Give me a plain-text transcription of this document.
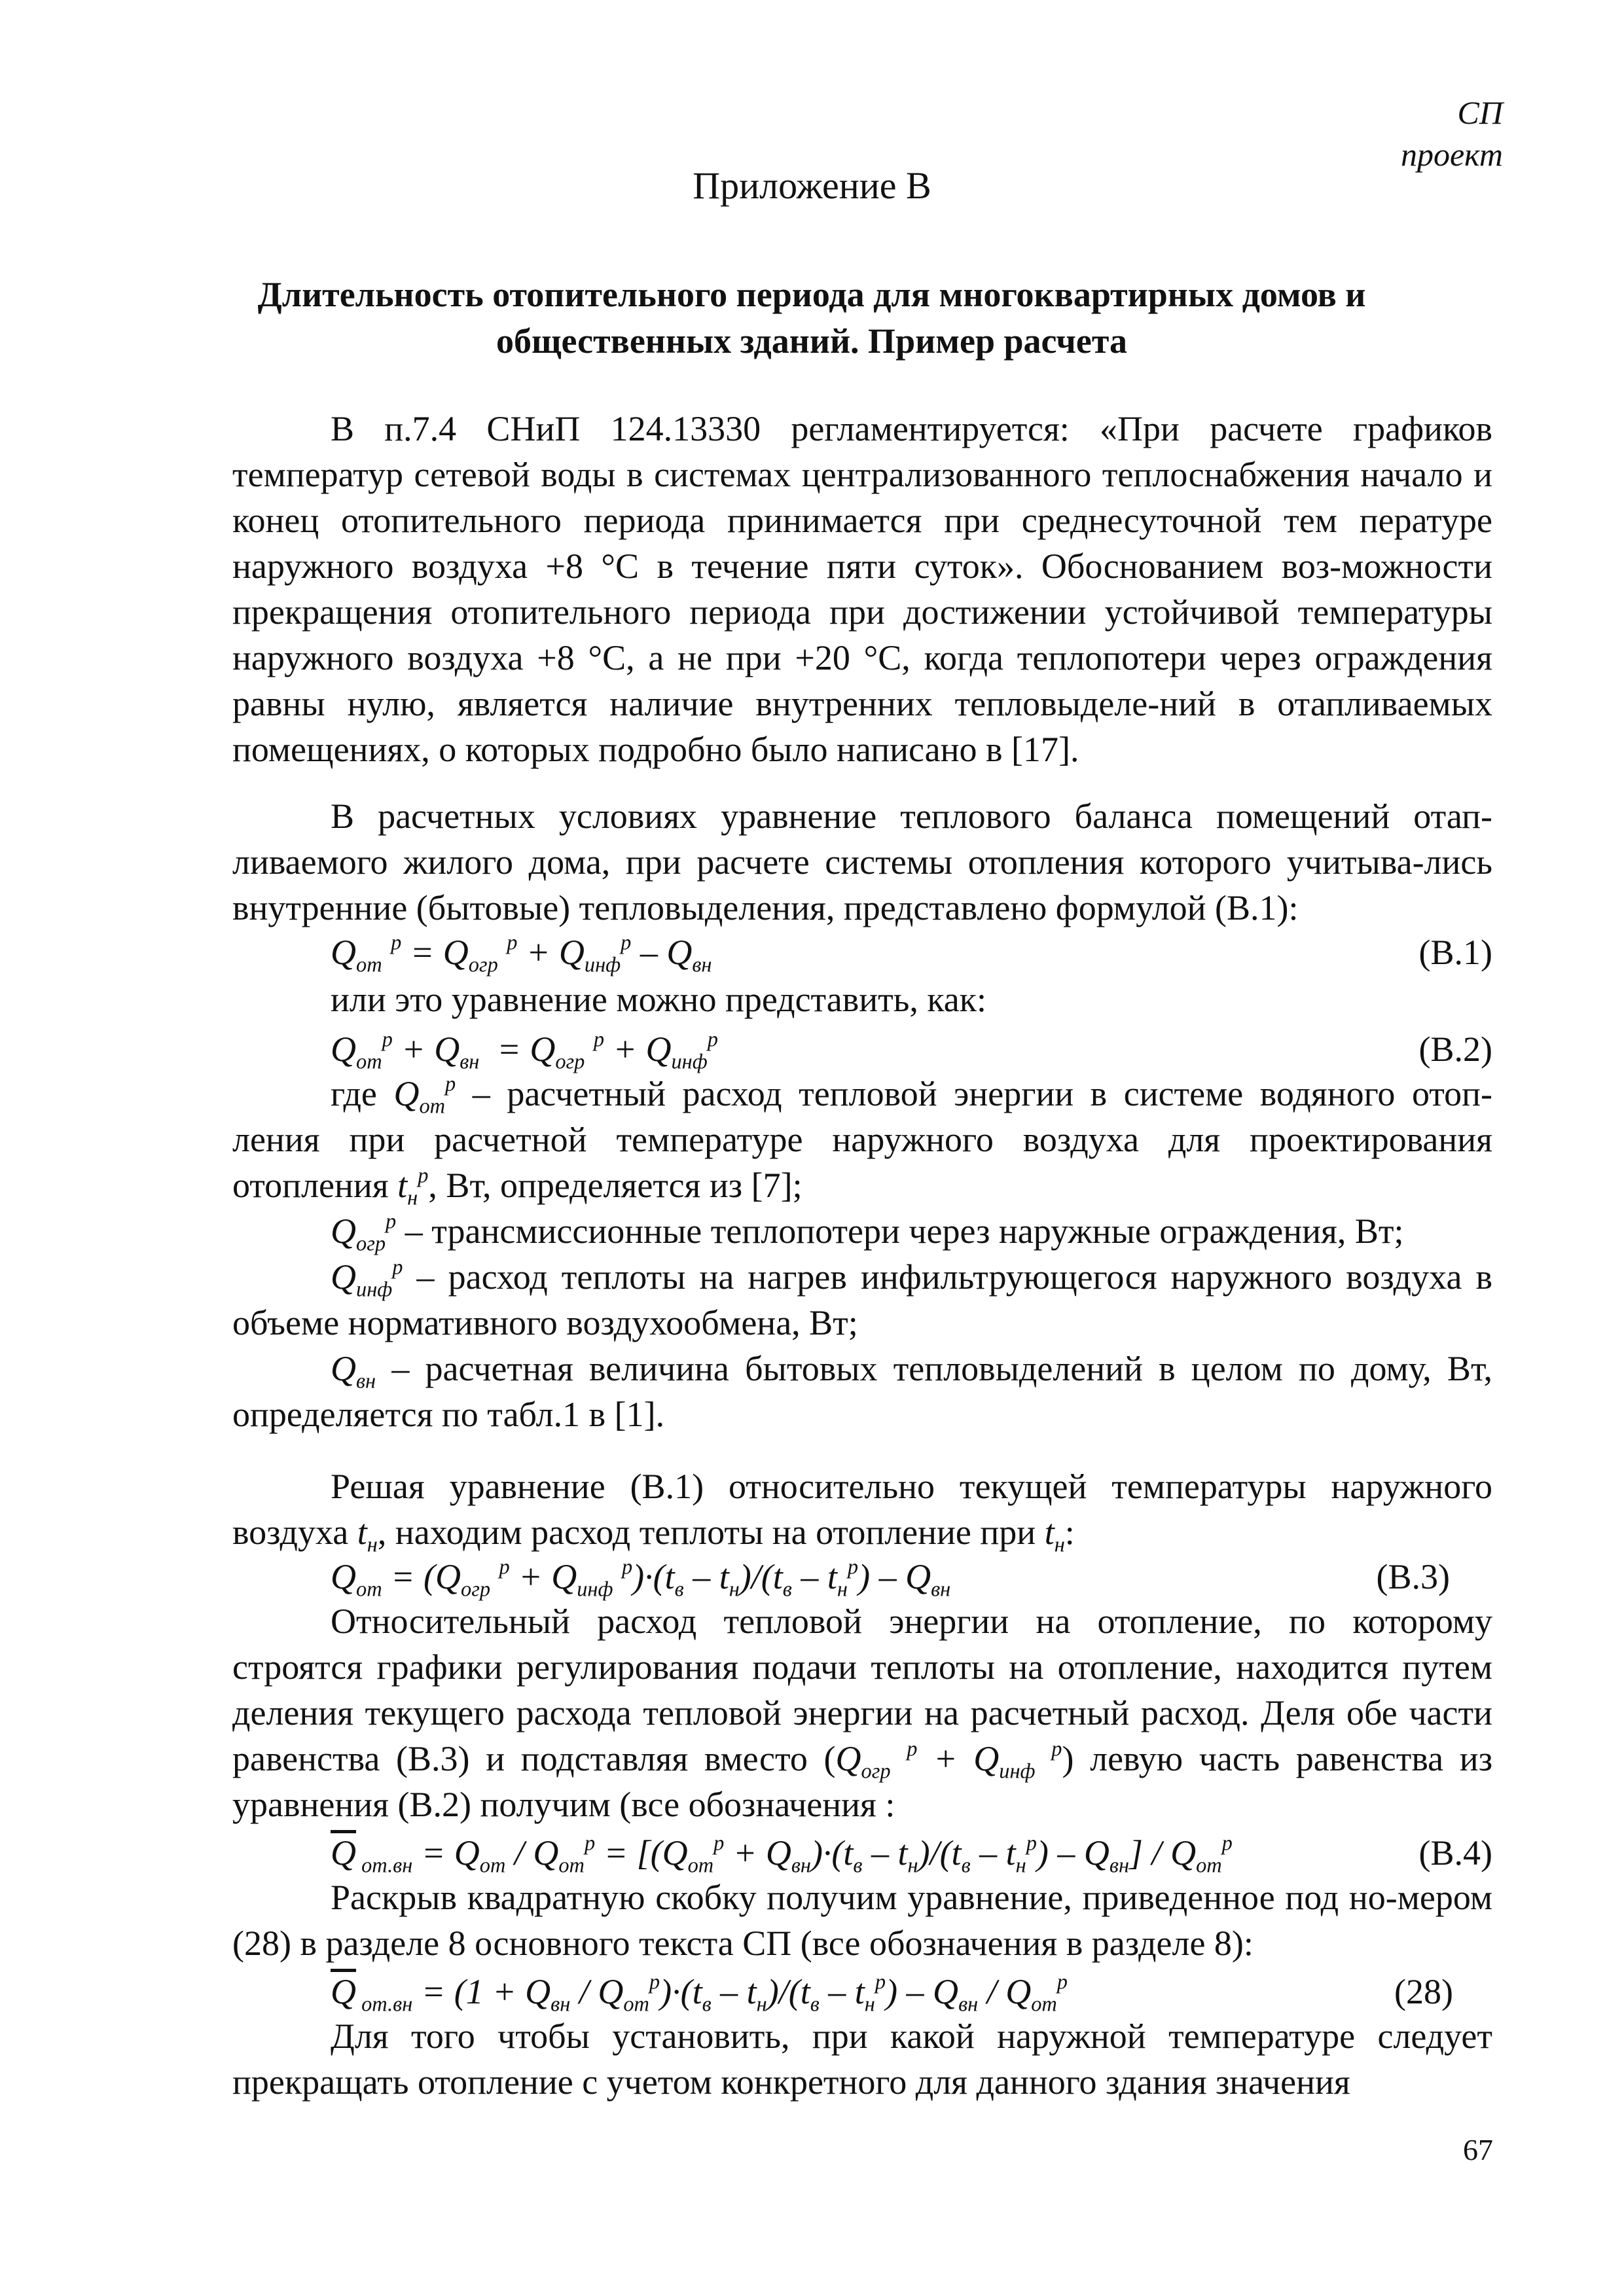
СП
проект
Приложение В
Длительность отопительного периода для многоквартирных домов и
общественных зданий. Пример расчета

В п.7.4 СНиП 124.13330 регламентируется: «При расчете графиков температур сетевой воды в системах централизованного теплоснабжения начало и конец отопительного периода принимается при среднесуточной тем пературе наружного воздуха +8 °С в течение пяти суток». Обоснованием воз-можности прекращения отопительного периода при достижении устойчивой температуры наружного воздуха +8 °С, а не при +20 °С, когда теплопотери через ограждения равны нулю, является наличие внутренних тепловыделе-ний в отапливаемых помещениях, о которых подробно было написано в [17].

В расчетных условиях уравнение теплового баланса помещений отап-ливаемого жилого дома, при расчете системы отопления которого учитыва-лись внутренние (бытовые) тепловыделения, представлено формулой (В.1):

$Q_{от}$ $^р = Q_{огр}$ $^р + Q_{инф}^р - Q_{вн}$	(В.1)

или это уравнение можно представить, как:

$Q_{от}^р + Q_{вн} = Q_{огр}$ $^р + Q_{инф}^р$	(В.2)

где $Q_{от}^р$ – расчетный расход тепловой энергии в системе водяного отоп-ления при расчетной температуре наружного воздуха для проектирования отопления $t_н^р$, Вт, определяется из [7];

$Q_{огр}^р$ – трансмиссионные теплопотери через наружные ограждения, Вт;

$Q_{инф}^р$ – расход теплоты на нагрев инфильтрующегося наружного воздуха в объеме нормативного воздухообмена, Вт;

$Q_{вн}$ – расчетная величина бытовых тепловыделений в целом по дому, Вт, определяется по табл.1 в [1].

Решая уравнение (В.1) относительно текущей температуры наружного воздуха $t_н$, находим расход теплоты на отопление при $t_н$:

$Q_{от} = (Q_{огр}$ $^р + Q_{инф}$ $^р)\cdot(t_в - t_н)/(t_в - t_н^р) - Q_{вн}$	(В.3)

Относительный расход тепловой энергии на отопление, по которому строятся графики регулирования подачи теплоты на отопление, находится путем деления текущего расхода тепловой энергии на расчетный расход. Деля обе части равенства (В.3) и подставляя вместо ($Q_{огр}$ $^р + Q_{инф}$ $^р$) левую часть равенства из уравнения (В.2) получим (все обозначения :

$\overline{Q}$ $_{от.вн} = Q_{от} / Q_{от}^р = [(Q_{от}^р + Q_{вн})\cdot(t_в - t_н)/(t_в - t_н^р) - Q_{вн}] / Q_{от}^р$	(В.4)

Раскрыв квадратную скобку получим уравнение, приведенное под но-мером (28) в разделе 8 основного текста СП (все обозначения в разделе 8):

$\overline{Q}$ $_{от.вн} = (1 + Q_{вн} / Q_{от}^р)\cdot(t_в - t_н)/(t_в - t_н^р) - Q_{вн} / Q_{от}^р$	(28)

Для того чтобы установить, при какой наружной температуре следует прекращать отопление с учетом конкретного для данного здания значения

67
